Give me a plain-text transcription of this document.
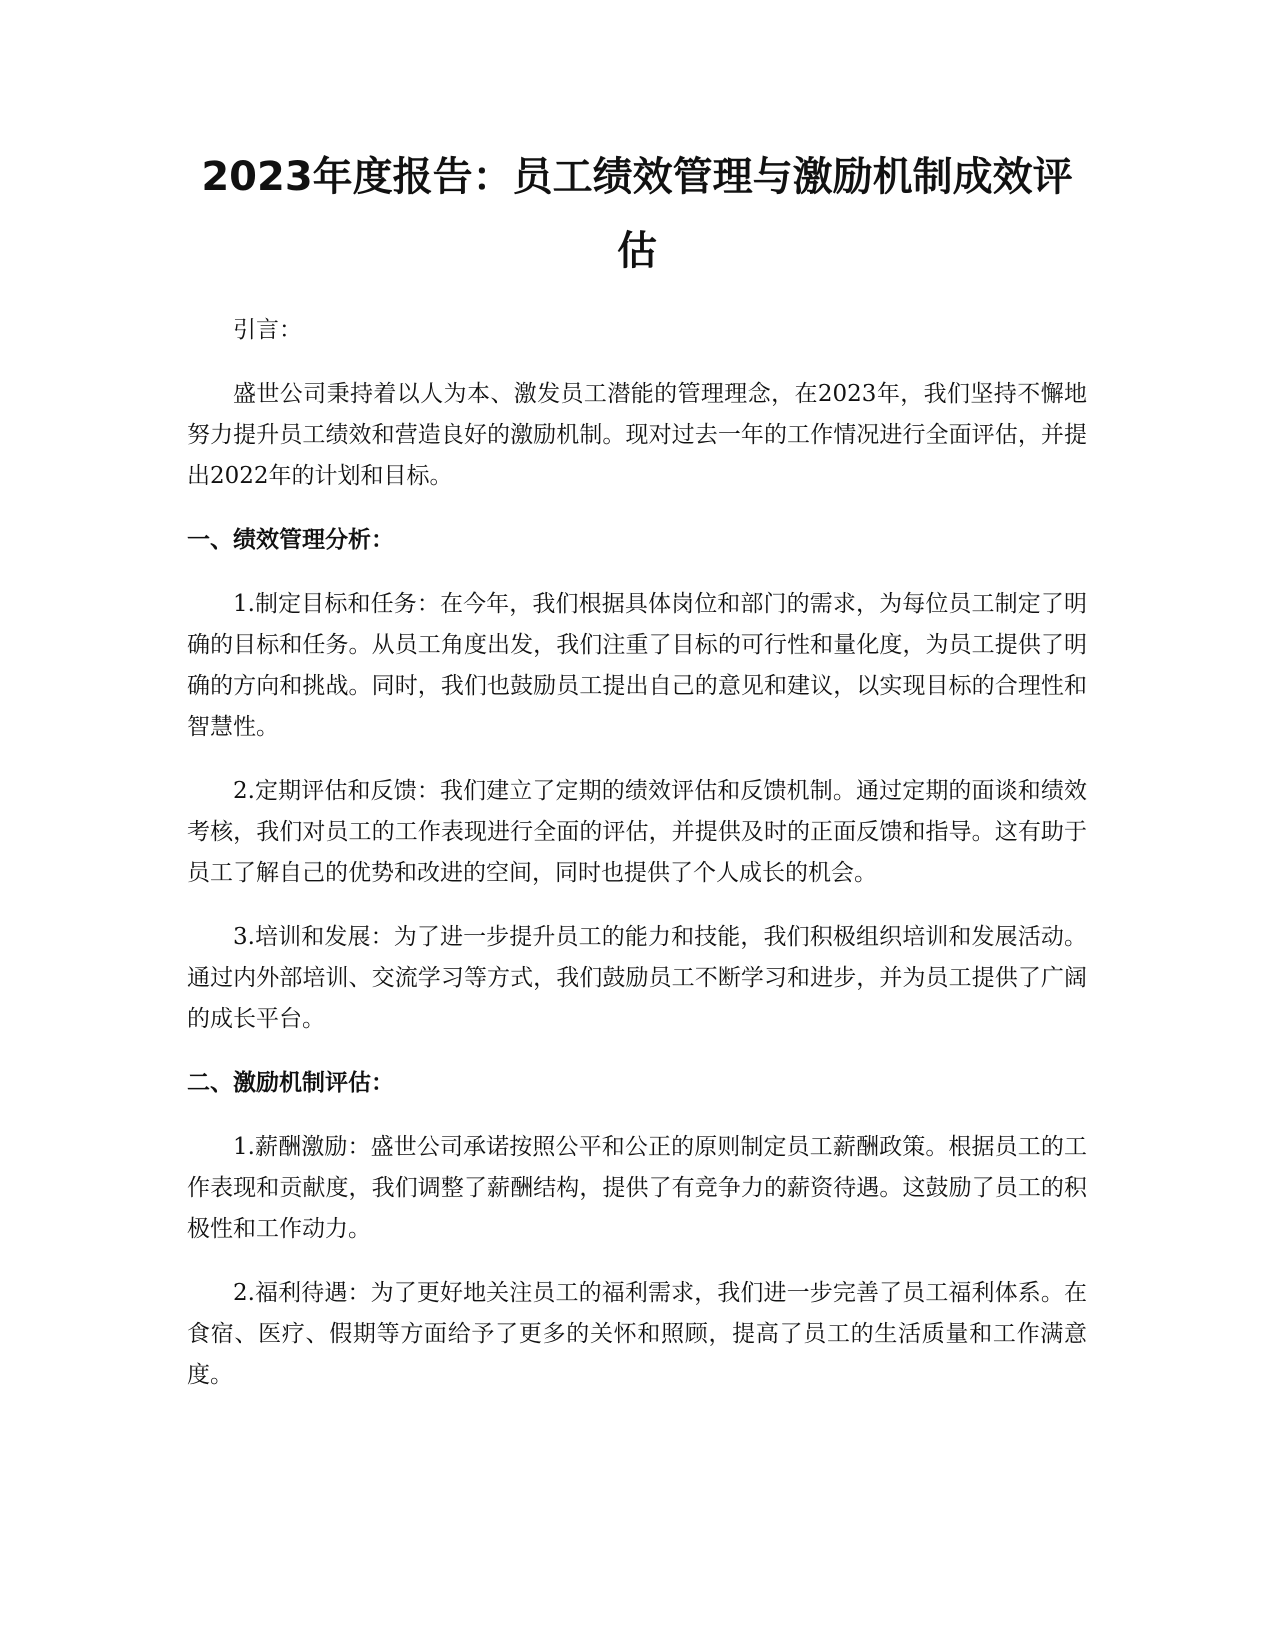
2023年度报告：员工绩效管理与激励机制成效评估

引言：

盛世公司秉持着以人为本、激发员工潜能的管理理念，在2023年，我们坚持不懈地努力提升员工绩效和营造良好的激励机制。现对过去一年的工作情况进行全面评估，并提出2022年的计划和目标。

一、绩效管理分析：

1.制定目标和任务：在今年，我们根据具体岗位和部门的需求，为每位员工制定了明确的目标和任务。从员工角度出发，我们注重了目标的可行性和量化度，为员工提供了明确的方向和挑战。同时，我们也鼓励员工提出自己的意见和建议，以实现目标的合理性和智慧性。

2.定期评估和反馈：我们建立了定期的绩效评估和反馈机制。通过定期的面谈和绩效考核，我们对员工的工作表现进行全面的评估，并提供及时的正面反馈和指导。这有助于员工了解自己的优势和改进的空间，同时也提供了个人成长的机会。

3.培训和发展：为了进一步提升员工的能力和技能，我们积极组织培训和发展活动。通过内外部培训、交流学习等方式，我们鼓励员工不断学习和进步，并为员工提供了广阔的成长平台。

二、激励机制评估：

1.薪酬激励：盛世公司承诺按照公平和公正的原则制定员工薪酬政策。根据员工的工作表现和贡献度，我们调整了薪酬结构，提供了有竞争力的薪资待遇。这鼓励了员工的积极性和工作动力。

2.福利待遇：为了更好地关注员工的福利需求，我们进一步完善了员工福利体系。在食宿、医疗、假期等方面给予了更多的关怀和照顾，提高了员工的生活质量和工作满意度。
